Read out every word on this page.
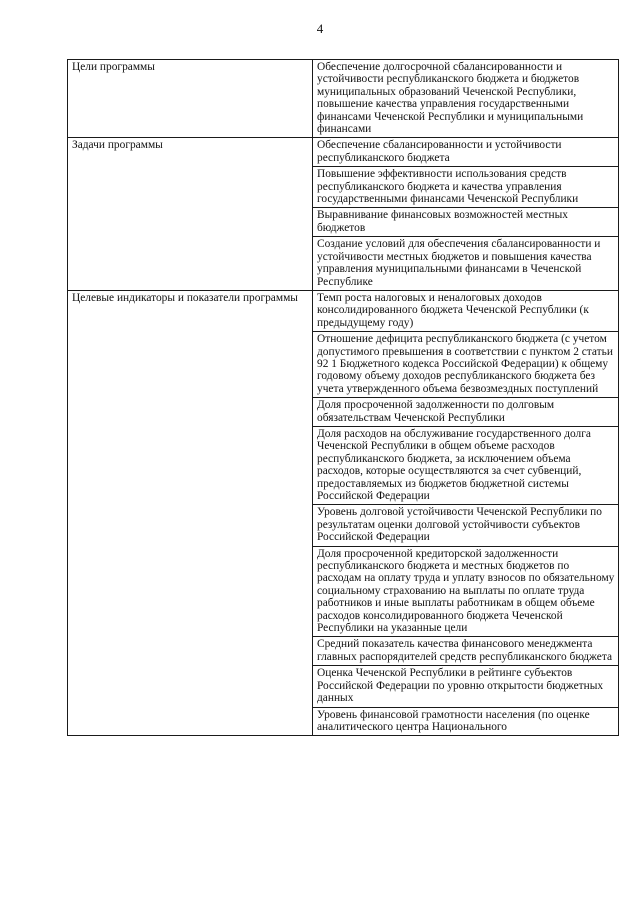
4
Цели программы	Обеспечение долгосрочной сбалансированности и устойчивости республиканского бюджета и бюджетов муниципальных образований Чеченской Республики, повышение качества управления государственными финансами Чеченской Республики и муниципальными финансами
Задачи программы	Обеспечение сбалансированности и устойчивости республиканского бюджета
	Повышение эффективности использования средств республиканского бюджета и качества управления государственными финансами Чеченской Республики
	Выравнивание финансовых возможностей местных бюджетов
	Создание условий для обеспечения сбалансированности и устойчивости местных бюджетов и повышения качества управления муниципальными финансами в Чеченской Республике
Целевые индикаторы и показатели программы	Темп роста налоговых и неналоговых доходов консолидированного бюджета Чеченской Республики (к предыдущему году)
	Отношение дефицита республиканского бюджета (с учетом допустимого превышения в соответствии с пунктом 2 статьи 92 1 Бюджетного кодекса Российской Федерации) к общему годовому объему доходов республиканского бюджета без учета утвержденного объема безвозмездных поступлений
	Доля просроченной задолженности по долговым обязательствам Чеченской Республики
	Доля расходов на обслуживание государственного долга Чеченской Республики в общем объеме расходов республиканского бюджета, за исключением объема расходов, которые осуществляются за счет субвенций, предоставляемых из бюджетов бюджетной системы Российской Федерации
	Уровень долговой устойчивости Чеченской Республики по результатам оценки долговой устойчивости субъектов Российской Федерации
	Доля просроченной кредиторской задолженности республиканского бюджета и местных бюджетов по расходам на оплату труда и уплату взносов по обязательному социальному страхованию на выплаты по оплате труда работников и иные выплаты работникам в общем объеме расходов консолидированного бюджета Чеченской Республики на указанные цели
	Средний показатель качества финансового менеджмента главных распорядителей средств республиканского бюджета
	Оценка Чеченской Республики в рейтинге субъектов Российской Федерации по уровню открытости бюджетных данных
	Уровень финансовой грамотности населения (по оценке аналитического центра Национального
